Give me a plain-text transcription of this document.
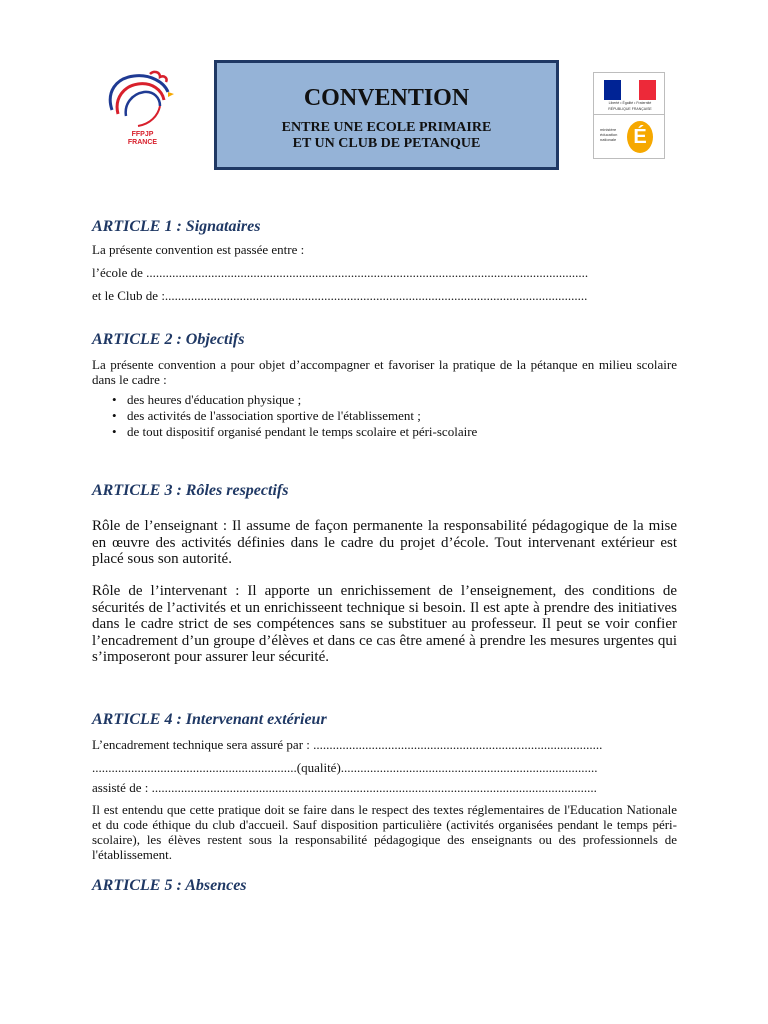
FFPJP
FRANCE
CONVENTION
ENTRE UNE ECOLE PRIMAIRE
ET UN CLUB DE PETANQUE
Liberté • Égalité • Fraternité
RÉPUBLIQUE FRANÇAISE
ministère
éducation
nationale É
ARTICLE 1 : Signataires

La présente convention est passée entre :

l’école de ........................................................................................................................................

et le Club de :..................................................................................................................................

ARTICLE 2 : Objectifs

La présente convention a pour objet d’accompagner et favoriser la pratique de la pétanque en milieu scolaire dans le cadre :

• des heures d'éducation physique ;
• des activités de l'association sportive de l'établissement ;
• de tout dispositif organisé pendant le temps scolaire et péri-scolaire
ARTICLE 3 : Rôles respectifs

Rôle de l’enseignant : Il assume de façon permanente la responsabilité pédagogique de la mise en œuvre des activités définies dans le cadre du projet d’école. Tout intervenant extérieur est placé sous son autorité.

Rôle de l’intervenant : Il apporte un enrichissement de l’enseignement, des conditions de sécurités de l’activités et un enrichisseent technique si besoin. Il est apte à prendre des initiatives dans le cadre strict de ses compétences sans se substituer au professeur. Il peut se voir confier l’encadrement d’un groupe d’élèves et dans ce cas être amené à prendre les mesures urgentes qui s’imposeront pour assurer leur sécurité.

ARTICLE 4 : Intervenant extérieur

L’encadrement technique sera assuré par : .........................................................................................

...............................................................(qualité)...............................................................................

assisté de : .........................................................................................................................................

Il est entendu que cette pratique doit se faire dans le respect des textes réglementaires de l'Education Nationale et du code éthique du club d'accueil. Sauf disposition particulière (activités organisées pendant le temps péri-scolaire), les élèves restent sous la responsabilité pédagogique des enseignants ou des professionnels de l'établissement.

ARTICLE 5 : Absences
